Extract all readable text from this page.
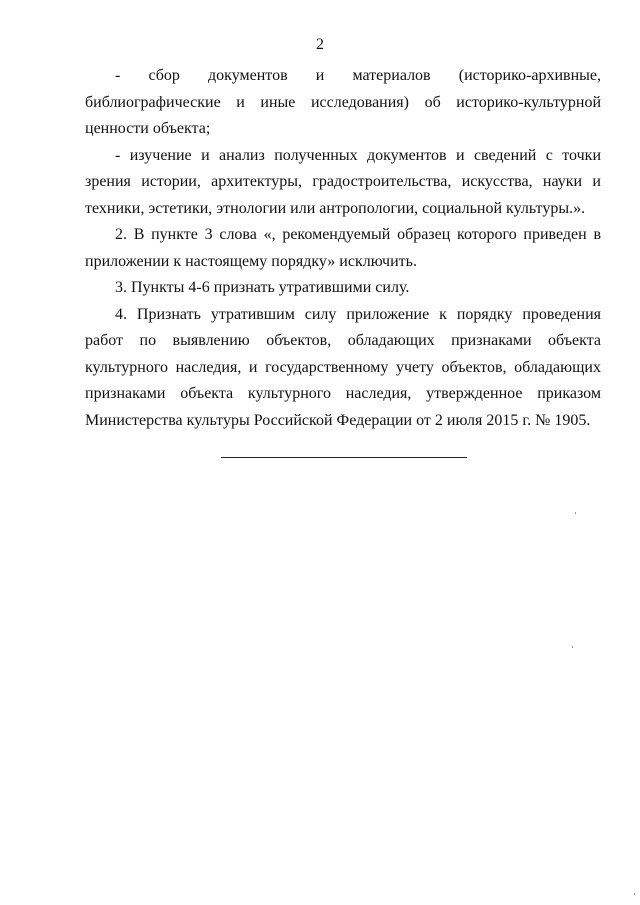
2

- сбор документов и материалов (историко-архивные, библиографические и иные исследования) об историко-культурной ценности объекта;

- изучение и анализ полученных документов и сведений с точки зрения истории, архитектуры, градостроительства, искусства, науки и техники, эстетики, этнологии или антропологии, социальной культуры.».

2. В пункте 3 слова «, рекомендуемый образец которого приведен в приложении к настоящему порядку» исключить.

3. Пункты 4-6 признать утратившими силу.

4. Признать утратившим силу приложение к порядку проведения работ по выявлению объектов, обладающих признаками объекта культурного наследия, и государственному учету объектов, обладающих признаками объекта культурного наследия, утвержденное приказом Министерства культуры Российской Федерации от 2 июля 2015 г. № 1905.
